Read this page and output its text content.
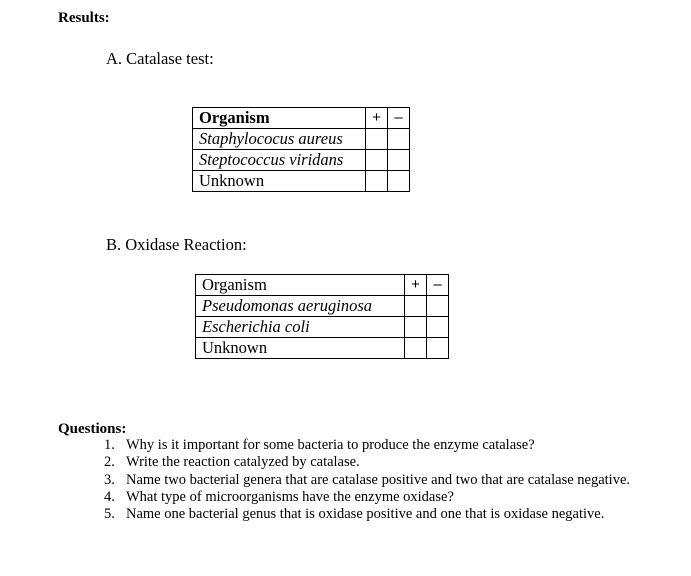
Results:
A. Catalase test:
Organism	+	–
Staphylococus aureus		
Steptococcus viridans		
Unknown		
B. Oxidase Reaction:
Organism	+	–
Pseudomonas aeruginosa		
Escherichia coli		
Unknown		
Questions:
1. Why is it important for some bacteria to produce the enzyme catalase?
2. Write the reaction catalyzed by catalase.
3. Name two bacterial genera that are catalase positive and two that are catalase negative.
4. What type of microorganisms have the enzyme oxidase?
5. Name one bacterial genus that is oxidase positive and one that is oxidase negative.
